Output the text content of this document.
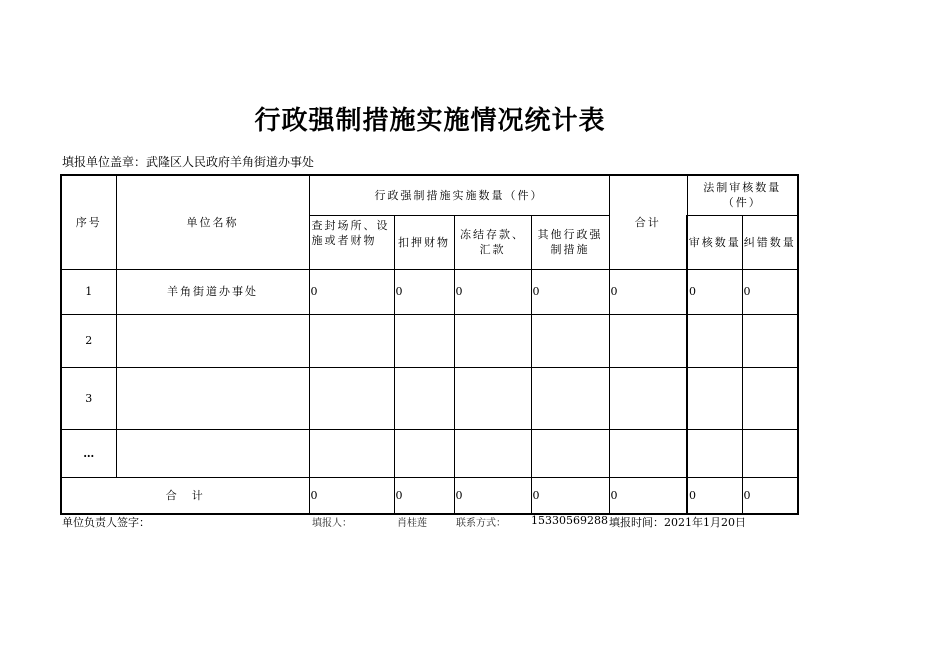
行政强制措施实施情况统计表
填报单位盖章：武隆区人民政府羊角街道办事处
序号	单位名称	行政强制措施实施数量（件）				合计	法制审核数量（件）	
		查封场所、设施或者财物	扣押财物	冻结存款、汇款	其他行政强制措施		审核数量	纠错数量
1	羊角街道办事处	0	0	0	0	0	0	0
2								
3								
…								
合　计		0	0	0	0	0	0	0
单位负责人签字：	填报人：	肖桂莲	联系方式： 15330569288 填报时间：2021年1月20日
